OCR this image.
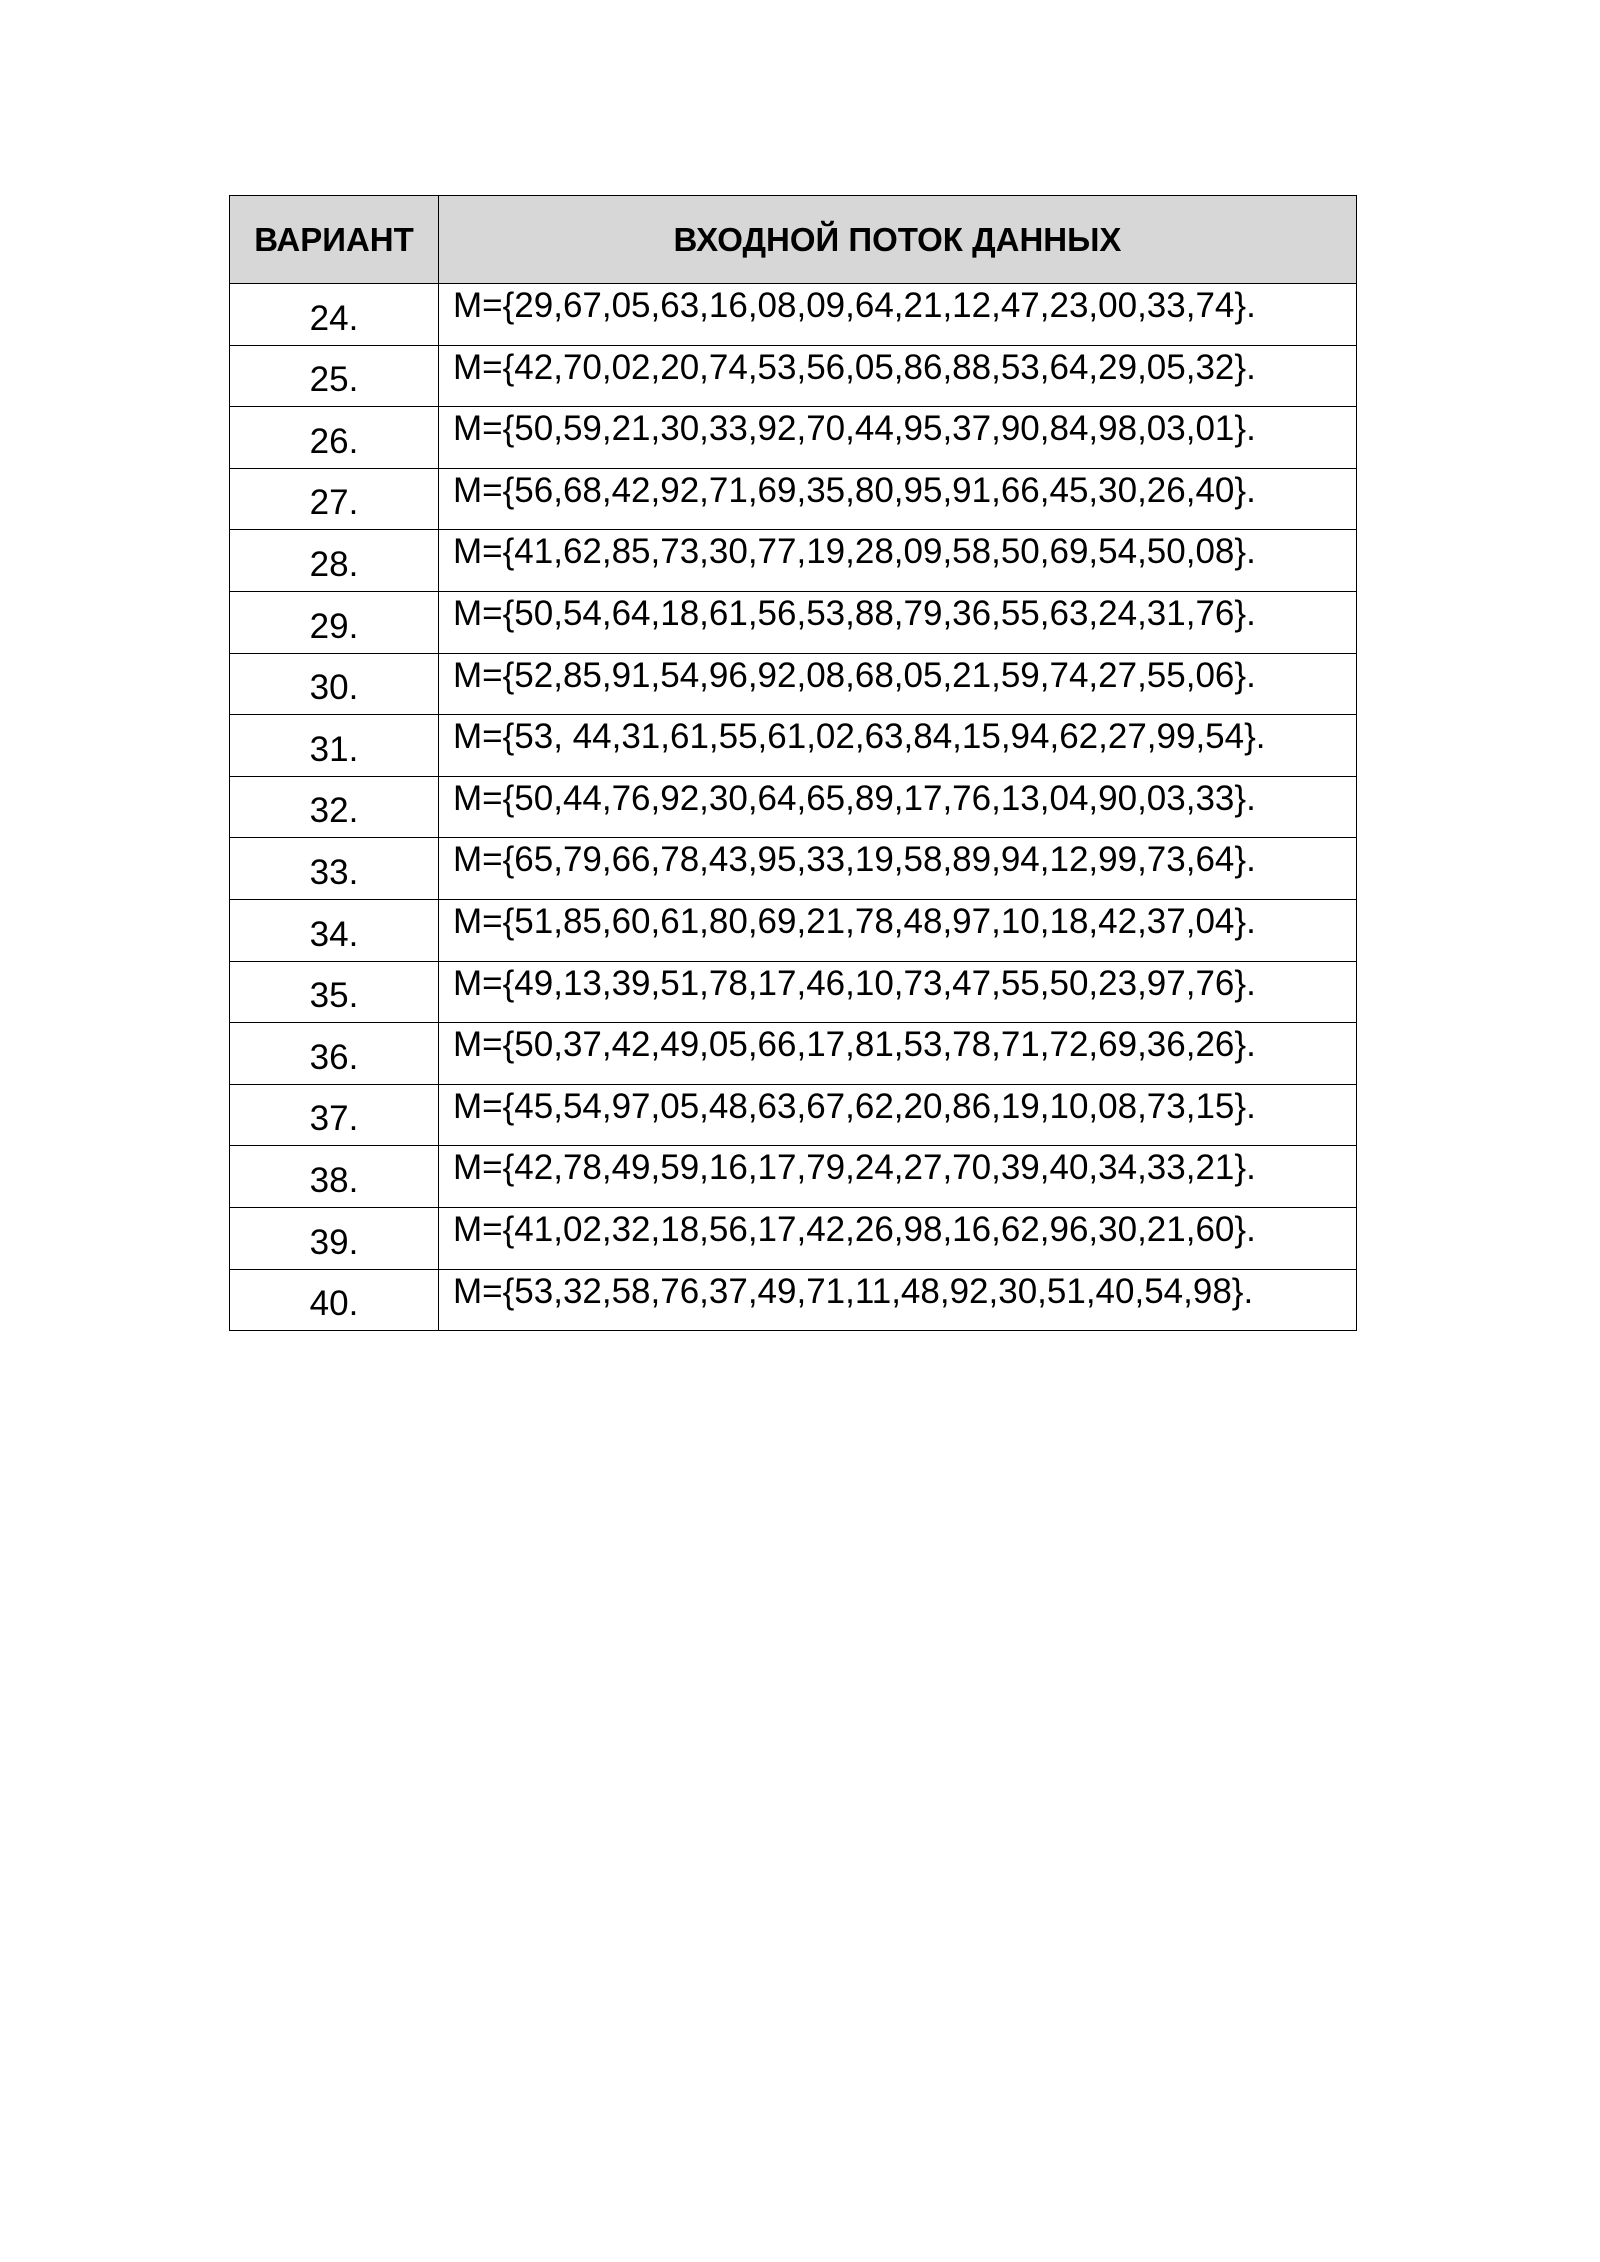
ВАРИАНТ	ВХОДНОЙ ПОТОК ДАННЫХ
24.	M={29,67,05,63,16,08,09,64,21,12,47,23,00,33,74}.
25.	M={42,70,02,20,74,53,56,05,86,88,53,64,29,05,32}.
26.	M={50,59,21,30,33,92,70,44,95,37,90,84,98,03,01}.
27.	M={56,68,42,92,71,69,35,80,95,91,66,45,30,26,40}.
28.	M={41,62,85,73,30,77,19,28,09,58,50,69,54,50,08}.
29.	M={50,54,64,18,61,56,53,88,79,36,55,63,24,31,76}.
30.	M={52,85,91,54,96,92,08,68,05,21,59,74,27,55,06}.
31.	M={53, 44,31,61,55,61,02,63,84,15,94,62,27,99,54}.
32.	M={50,44,76,92,30,64,65,89,17,76,13,04,90,03,33}.
33.	M={65,79,66,78,43,95,33,19,58,89,94,12,99,73,64}.
34.	M={51,85,60,61,80,69,21,78,48,97,10,18,42,37,04}.
35.	M={49,13,39,51,78,17,46,10,73,47,55,50,23,97,76}.
36.	M={50,37,42,49,05,66,17,81,53,78,71,72,69,36,26}.
37.	M={45,54,97,05,48,63,67,62,20,86,19,10,08,73,15}.
38.	M={42,78,49,59,16,17,79,24,27,70,39,40,34,33,21}.
39.	M={41,02,32,18,56,17,42,26,98,16,62,96,30,21,60}.
40.	M={53,32,58,76,37,49,71,11,48,92,30,51,40,54,98}.
